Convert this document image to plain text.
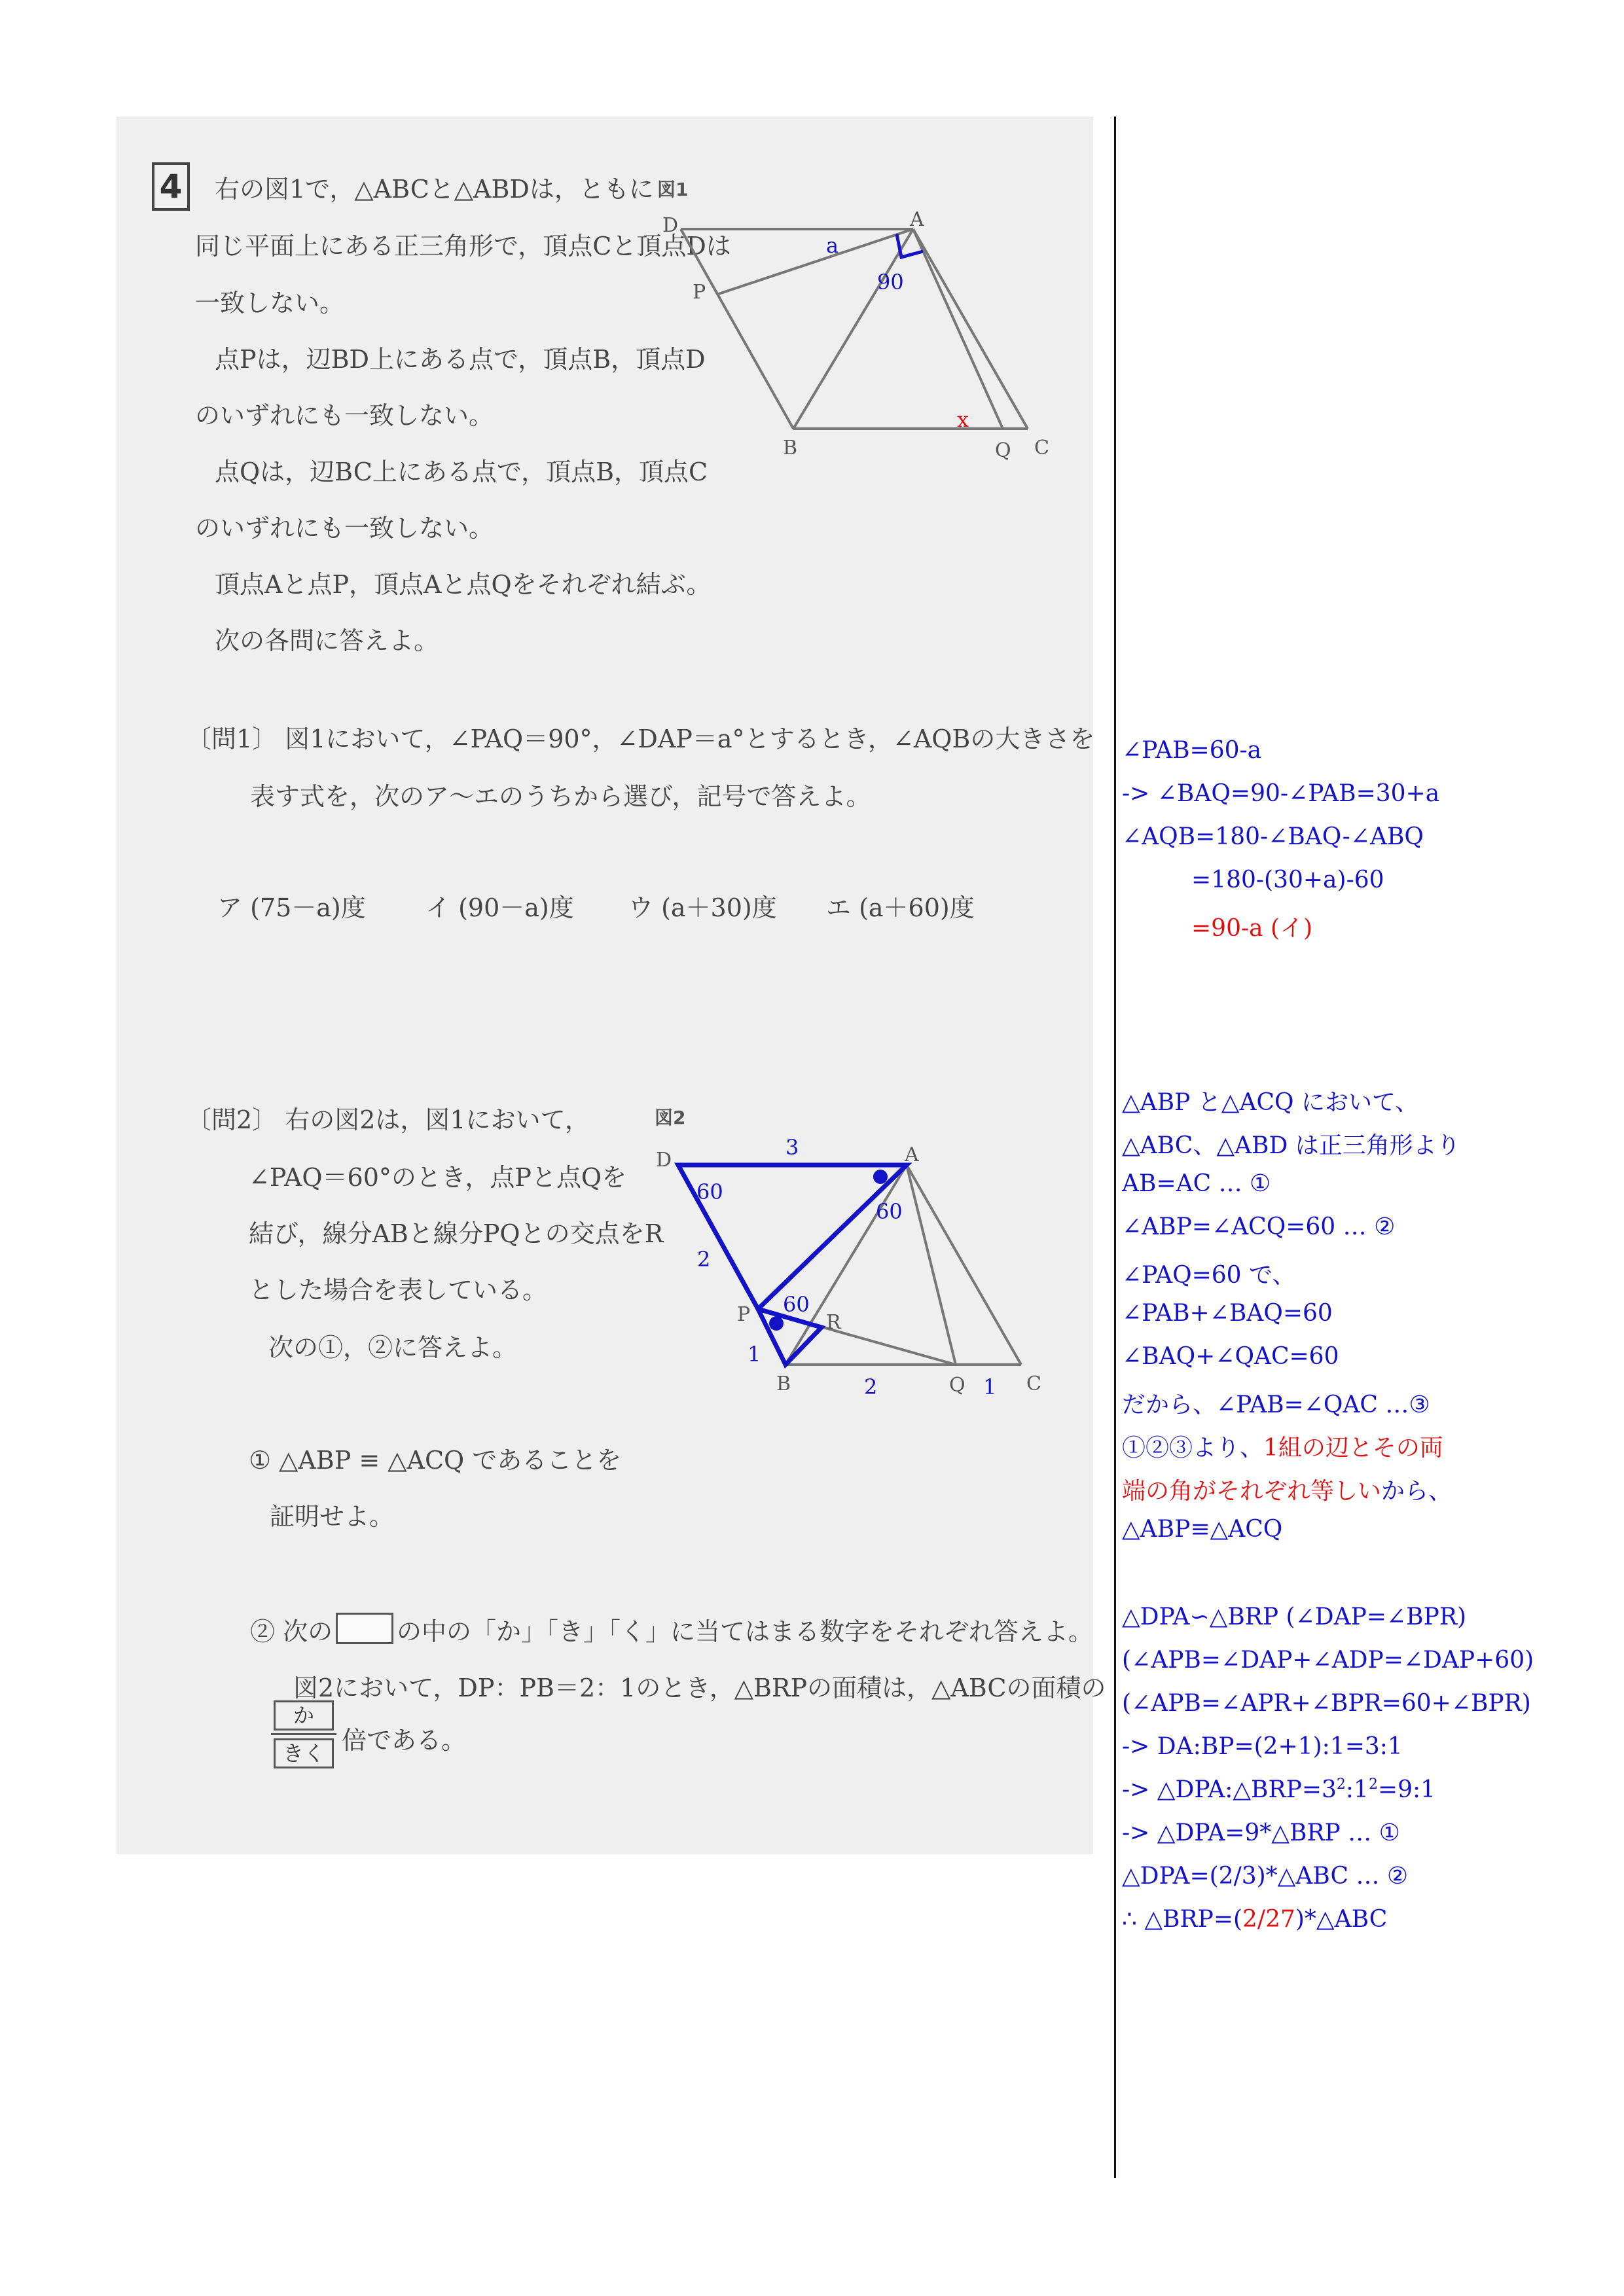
4	右の図1で，△ABCと△ABDは，ともに
同じ平面上にある正三角形で，頂点Cと頂点Dは
一致しない。
点Pは，辺BD上にある点で，頂点B，頂点D
のいずれにも一致しない。
点Qは，辺BC上にある点で，頂点B，頂点C
のいずれにも一致しない。
頂点Aと点P，頂点Aと点Qをそれぞれ結ぶ。
次の各問に答えよ。
図1
D	A
P
B	Q C
a
90
x
〔問1〕 図1において，∠PAQ＝90°，∠DAP＝a°とするとき，∠AQBの大きさを
表す式を，次のア～エのうちから選び，記号で答えよ。
ア (75－a)度 イ (90－a)度 ウ (a＋30)度 エ (a＋60)度
〔問2〕 右の図2は，図1において，
∠PAQ＝60°のとき，点Pと点Qを
結び，線分ABと線分PQとの交点をR
とした場合を表している。
次の①，②に答えよ。
図2
D	A
P	R
B	Q	C
3
60
60
2
60
1
2	1
① △ABP ≡ △ACQ であることを
証明せよ。
② 次の	の中の「か」「き」「く」に当てはまる数字をそれぞれ答えよ。
図2において，DP：PB＝2：1のとき，△BRPの面積は，△ABCの面積の
か
きく 倍である。
∠PAB=60-a
-> ∠BAQ=90-∠PAB=30+a
∠AQB=180-∠BAQ-∠ABQ
=180-(30+a)-60
=90-a (イ)
△ABP と△ACQ において、
△ABC、△ABD は正三角形より
AB=AC … ①
∠ABP=∠ACQ=60 … ②
∠PAQ=60 で、
∠PAB+∠BAQ=60
∠BAQ+∠QAC=60
だから、∠PAB=∠QAC …③
①②③より、1組の辺とその両
端の角がそれぞれ等しいから、
△ABP≡△ACQ
△DPA∽△BRP (∠DAP=∠BPR)
(∠APB=∠DAP+∠ADP=∠DAP+60)
(∠APB=∠APR+∠BPR=60+∠BPR)
-> DA:BP=(2+1):1=3:1
-> $\triangle DPA:\triangle BRP=3^2:1^2=9:1$
-> △DPA=9*△BRP … ①
△DPA=(2/3)*△ABC … ②
∴ △BRP=(2/27)*△ABC
